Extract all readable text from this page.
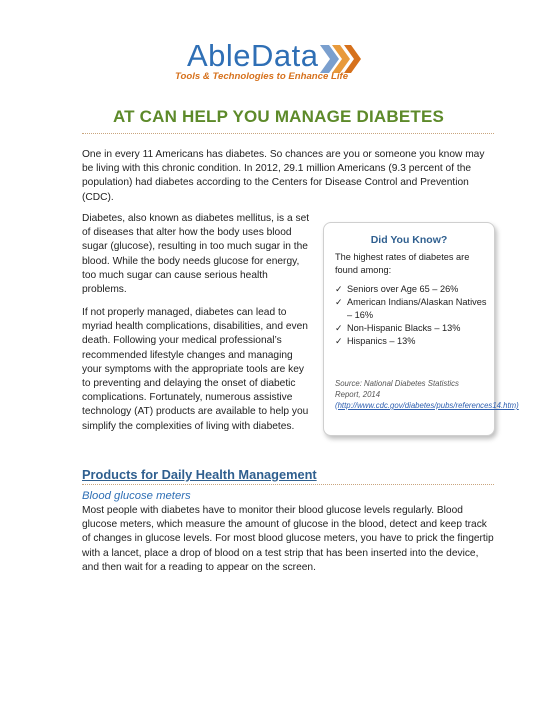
AbleData
Tools & Technologies to Enhance Life
AT CAN HELP YOU MANAGE DIABETES

One in every 11 Americans has diabetes. So chances are you or someone you know may be living with this chronic condition. In 2012, 29.1 million Americans (9.3 percent of the population) had diabetes according to the Centers for Disease Control and Prevention (CDC).

Diabetes, also known as diabetes mellitus, is a set of diseases that alter how the body uses blood sugar (glucose), resulting in too much sugar in the blood. While the body needs glucose for energy, too much sugar can cause serious health problems.

If not properly managed, diabetes can lead to myriad health complications, disabilities, and even death. Following your medical professional’s recommended lifestyle changes and managing your symptoms with the appropriate tools are key to preventing and delaying the onset of diabetic complications. Fortunately, numerous assistive technology (AT) products are available to help you simplify the complexities of living with diabetes.

Did You Know?

The highest rates of diabetes are found among:

✓ Seniors over Age 65 – 26%
✓ American Indians/Alaskan Natives – 16%
✓ Non-Hispanic Blacks – 13%
✓ Hispanics – 13%

Source: National Diabetes Statistics Report, 2014 (http://www.cdc.gov/diabetes/pubs/references14.htm)

Products for Daily Health Management
Blood glucose meters

Most people with diabetes have to monitor their blood glucose levels regularly. Blood glucose meters, which measure the amount of glucose in the blood, detect and keep track of changes in glucose levels. For most blood glucose meters, you have to prick the fingertip with a lancet, place a drop of blood on a test strip that has been inserted into the device, and then wait for a reading to appear on the screen.
